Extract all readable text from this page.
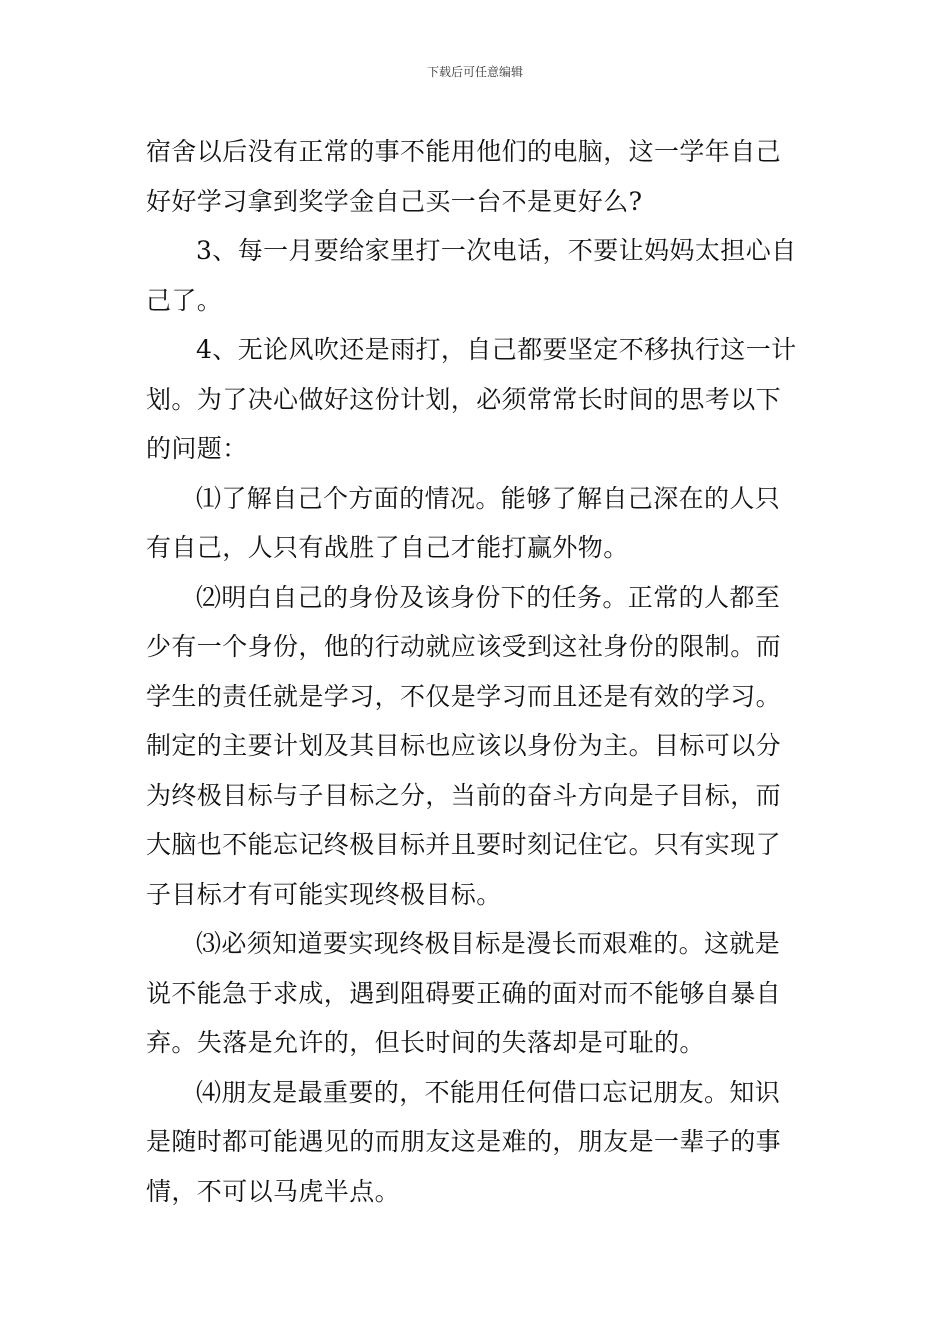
下载后可任意编辑
宿舍以后没有正常的事不能用他们的电脑，这一学年自己
好好学习拿到奖学金自己买一台不是更好么?
3、每一月要给家里打一次电话，不要让妈妈太担心自
己了。
4、无论风吹还是雨打，自己都要坚定不移执行这一计
划。为了决心做好这份计划，必须常常长时间的思考以下
的问题：
⑴了解自己个方面的情况。能够了解自己深在的人只
有自己，人只有战胜了自己才能打赢外物。
⑵明白自己的身份及该身份下的任务。正常的人都至
少有一个身份，他的行动就应该受到这社身份的限制。而
学生的责任就是学习，不仅是学习而且还是有效的学习。
制定的主要计划及其目标也应该以身份为主。目标可以分
为终极目标与子目标之分，当前的奋斗方向是子目标，而
大脑也不能忘记终极目标并且要时刻记住它。只有实现了
子目标才有可能实现终极目标。
⑶必须知道要实现终极目标是漫长而艰难的。这就是
说不能急于求成，遇到阻碍要正确的面对而不能够自暴自
弃。失落是允许的，但长时间的失落却是可耻的。
⑷朋友是最重要的，不能用任何借口忘记朋友。知识
是随时都可能遇见的而朋友这是难的，朋友是一辈子的事
情，不可以马虎半点。
